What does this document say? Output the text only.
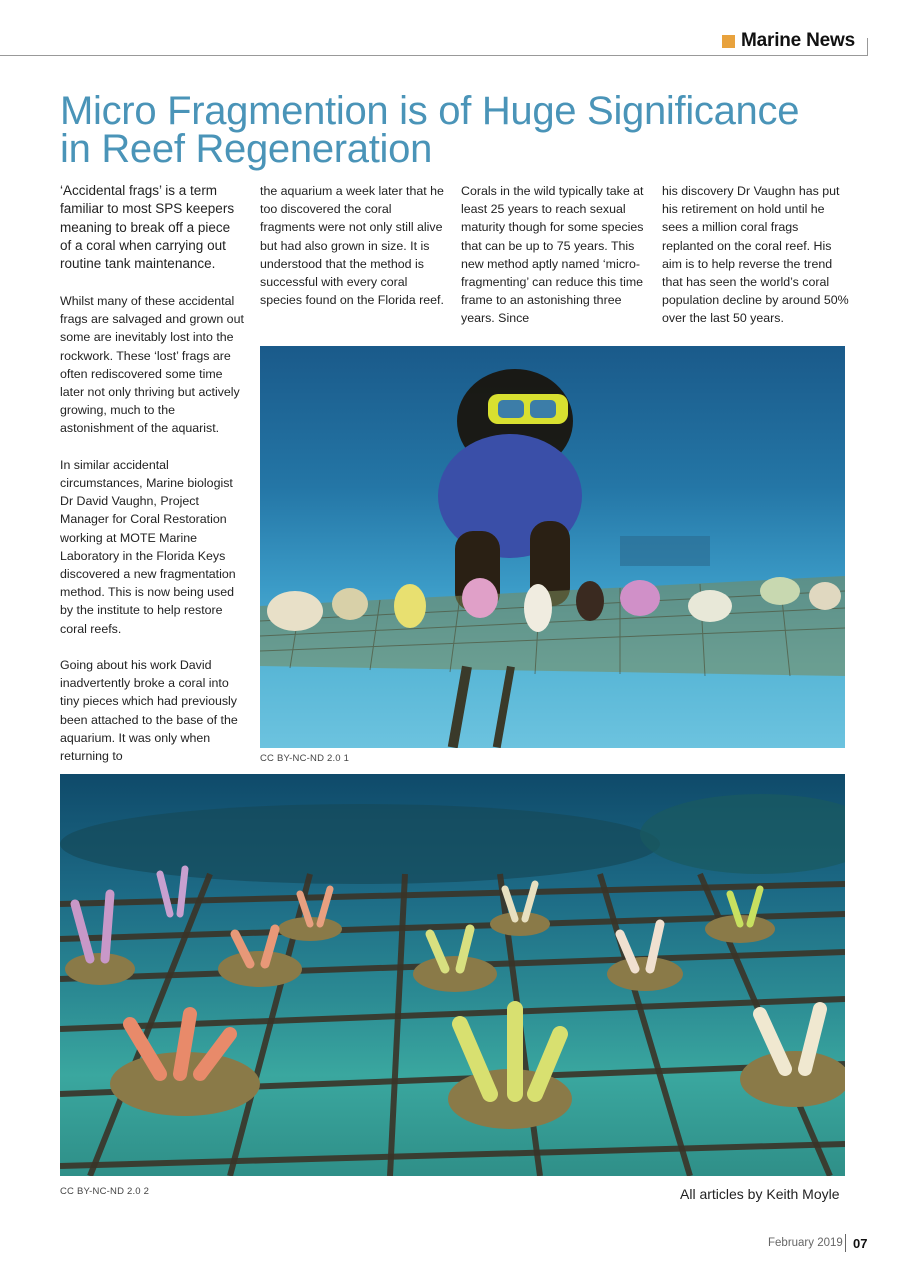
Marine News
Micro Fragmention is of Huge Significance
in Reef Regeneration

‘Accidental frags’ is a term familiar to most SPS keepers meaning to break off a piece of a coral when carrying out routine tank maintenance.

Whilst many of these accidental frags are salvaged and grown out some are inevitably lost into the rockwork. These ‘lost’ frags are often rediscovered some time later not only thriving but actively growing, much to the astonishment of the aquarist.

In similar accidental circumstances, Marine biologist Dr David Vaughn, Project Manager for Coral Restoration working at MOTE Marine Laboratory in the Florida Keys discovered a new fragmentation method. This is now being used by the institute to help restore coral reefs.

Going about his work David inadvertently broke a coral into tiny pieces which had previously been attached to the base of the aquarium. It was only when returning to

the aquarium a week later that he too discovered the coral fragments were not only still alive but had also grown in size. It is understood that the method is successful with every coral species found on the Florida reef.

Corals in the wild typically take at least 25 years to reach sexual maturity though for some species that can be up to 75 years. This new method aptly named ‘micro-fragmenting’ can reduce this time frame to an astonishing three years. Since

his discovery Dr Vaughn has put his retirement on hold until he sees a million coral frags replanted on the coral reef. His aim is to help reverse the trend that has seen the world’s coral population decline by around 50% over the last 50 years.

CC BY-NC-ND 2.0 1
CC BY-NC-ND 2.0 2	All articles by Keith Moyle
February 2019 07
